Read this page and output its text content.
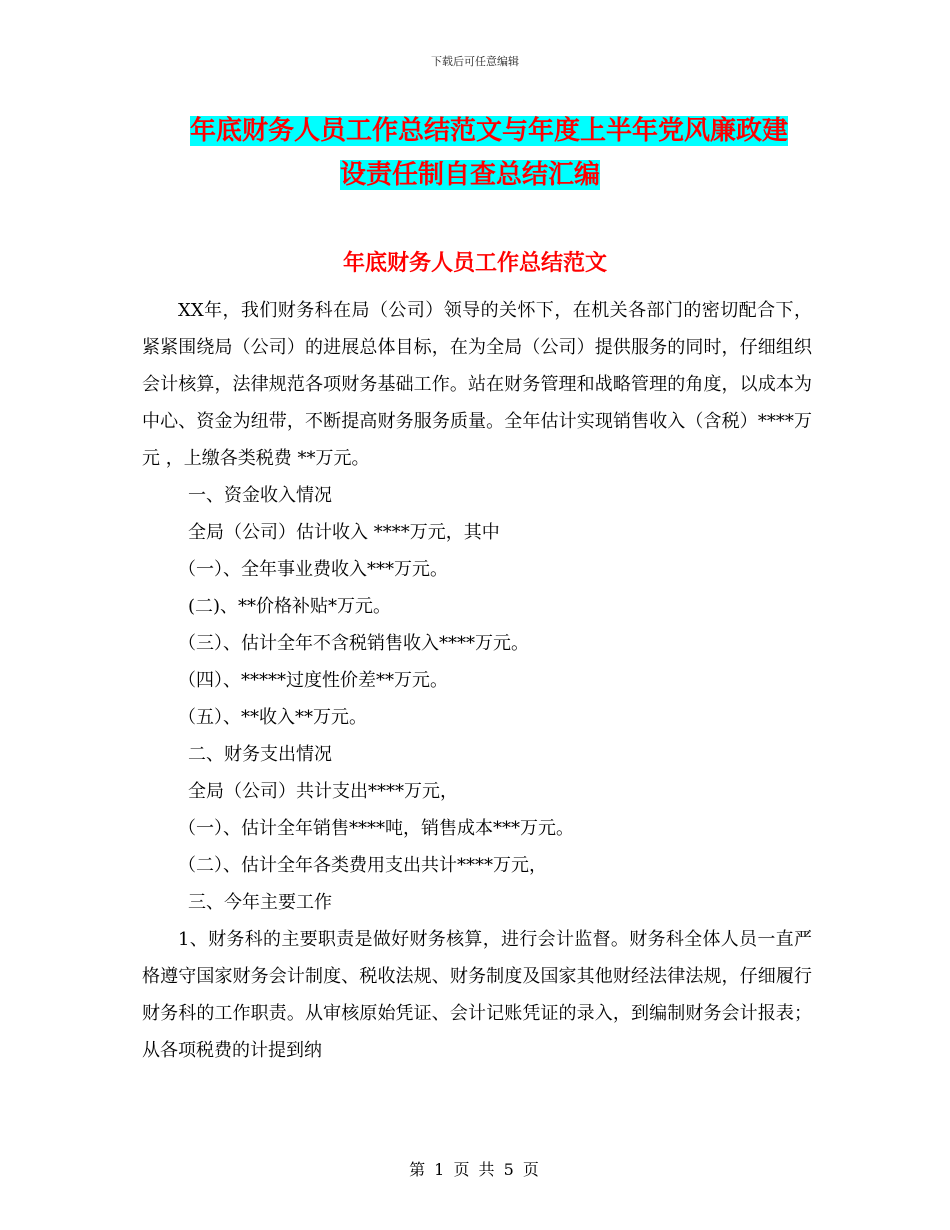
下载后可任意编辑
年底财务人员工作总结范文与年度上半年党风廉政建
设责任制自查总结汇编
年底财务人员工作总结范文

XX年，我们财务科在局（公司）领导的关怀下，在机关各部门的密切配合下，紧紧围绕局（公司）的进展总体目标，在为全局（公司）提供服务的同时，仔细组织会计核算，法律规范各项财务基础工作。站在财务管理和战略管理的角度，以成本为中心、资金为纽带，不断提高财务服务质量。全年估计实现销售收入（含税）****万元 ，上缴各类税费 **万元。

一、资金收入情况

全局（公司）估计收入 ****万元，其中

（一）、全年事业费收入***万元。

(二)、**价格补贴*万元。

（三）、估计全年不含税销售收入****万元。

（四）、*****过度性价差**万元。

（五）、**收入**万元。

二、财务支出情况

全局（公司）共计支出****万元，

（一）、估计全年销售****吨，销售成本***万元。

（二）、估计全年各类费用支出共计****万元，

三、今年主要工作

1、财务科的主要职责是做好财务核算，进行会计监督。财务科全体人员一直严格遵守国家财务会计制度、税收法规、财务制度及国家其他财经法律法规，仔细履行财务科的工作职责。从审核原始凭证、会计记账凭证的录入，到编制财务会计报表；从各项税费的计提到纳

第 1 页 共 5 页
